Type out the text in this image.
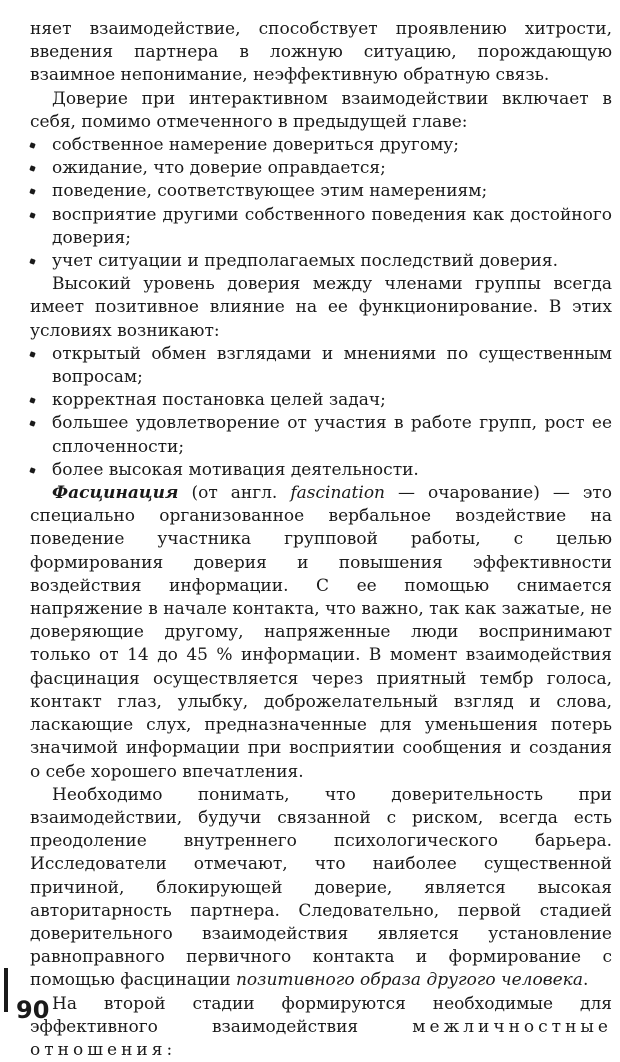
няет взаимодействие, способствует проявлению хитрости, введения партнера в ложную ситуацию, порождающую взаимное непонимание, неэффективную обратную связь.

Доверие при интерактивном взаимодействии включает в себя, помимо отмеченного в предыдущей главе:

собственное намерение довериться другому;
ожидание, что доверие оправдается;
поведение, соответствующее этим намерениям;
восприятие другими собственного поведения как достойного доверия;
учет ситуации и предполагаемых последствий доверия.

Высокий уровень доверия между членами группы всегда имеет позитивное влияние на ее функционирование. В этих условиях возникают:

открытый обмен взглядами и мнениями по существенным вопросам;
корректная постановка целей задач;
большее удовлетворение от участия в работе групп, рост ее сплоченности;
более высокая мотивация деятельности.

Фасцинация (от англ. fascination — очарование) — это специально организованное вербальное воздействие на поведение участника групповой работы, с целью формирования доверия и повышения эффективности воздействия информации. С ее помощью снимается напряжение в начале контакта, что важно, так как зажатые, не доверяющие другому, напряженные люди воспринимают только от 14 до 45 % информации. В момент взаимодействия фасцинация осуществляется через приятный тембр голоса, контакт глаз, улыбку, доброжелательный взгляд и слова, ласкающие слух, предназначенные для уменьшения потерь значимой информации при восприятии сообщения и создания о себе хорошего впечатления.

Необходимо понимать, что доверительность при взаимодействии, будучи связанной с риском, всегда есть преодоление внутреннего психологического барьера. Исследователи отмечают, что наиболее существенной причиной, блокирующей доверие, является высокая авторитарность партнера. Следовательно, первой стадией доверительного взаимодействия является установление равноправного первичного контакта и формирование с помощью фасцинации позитивного образа другого человека.

На второй стадии формируются необходимые для эффективного взаимодействия межличностные отношения:

90
